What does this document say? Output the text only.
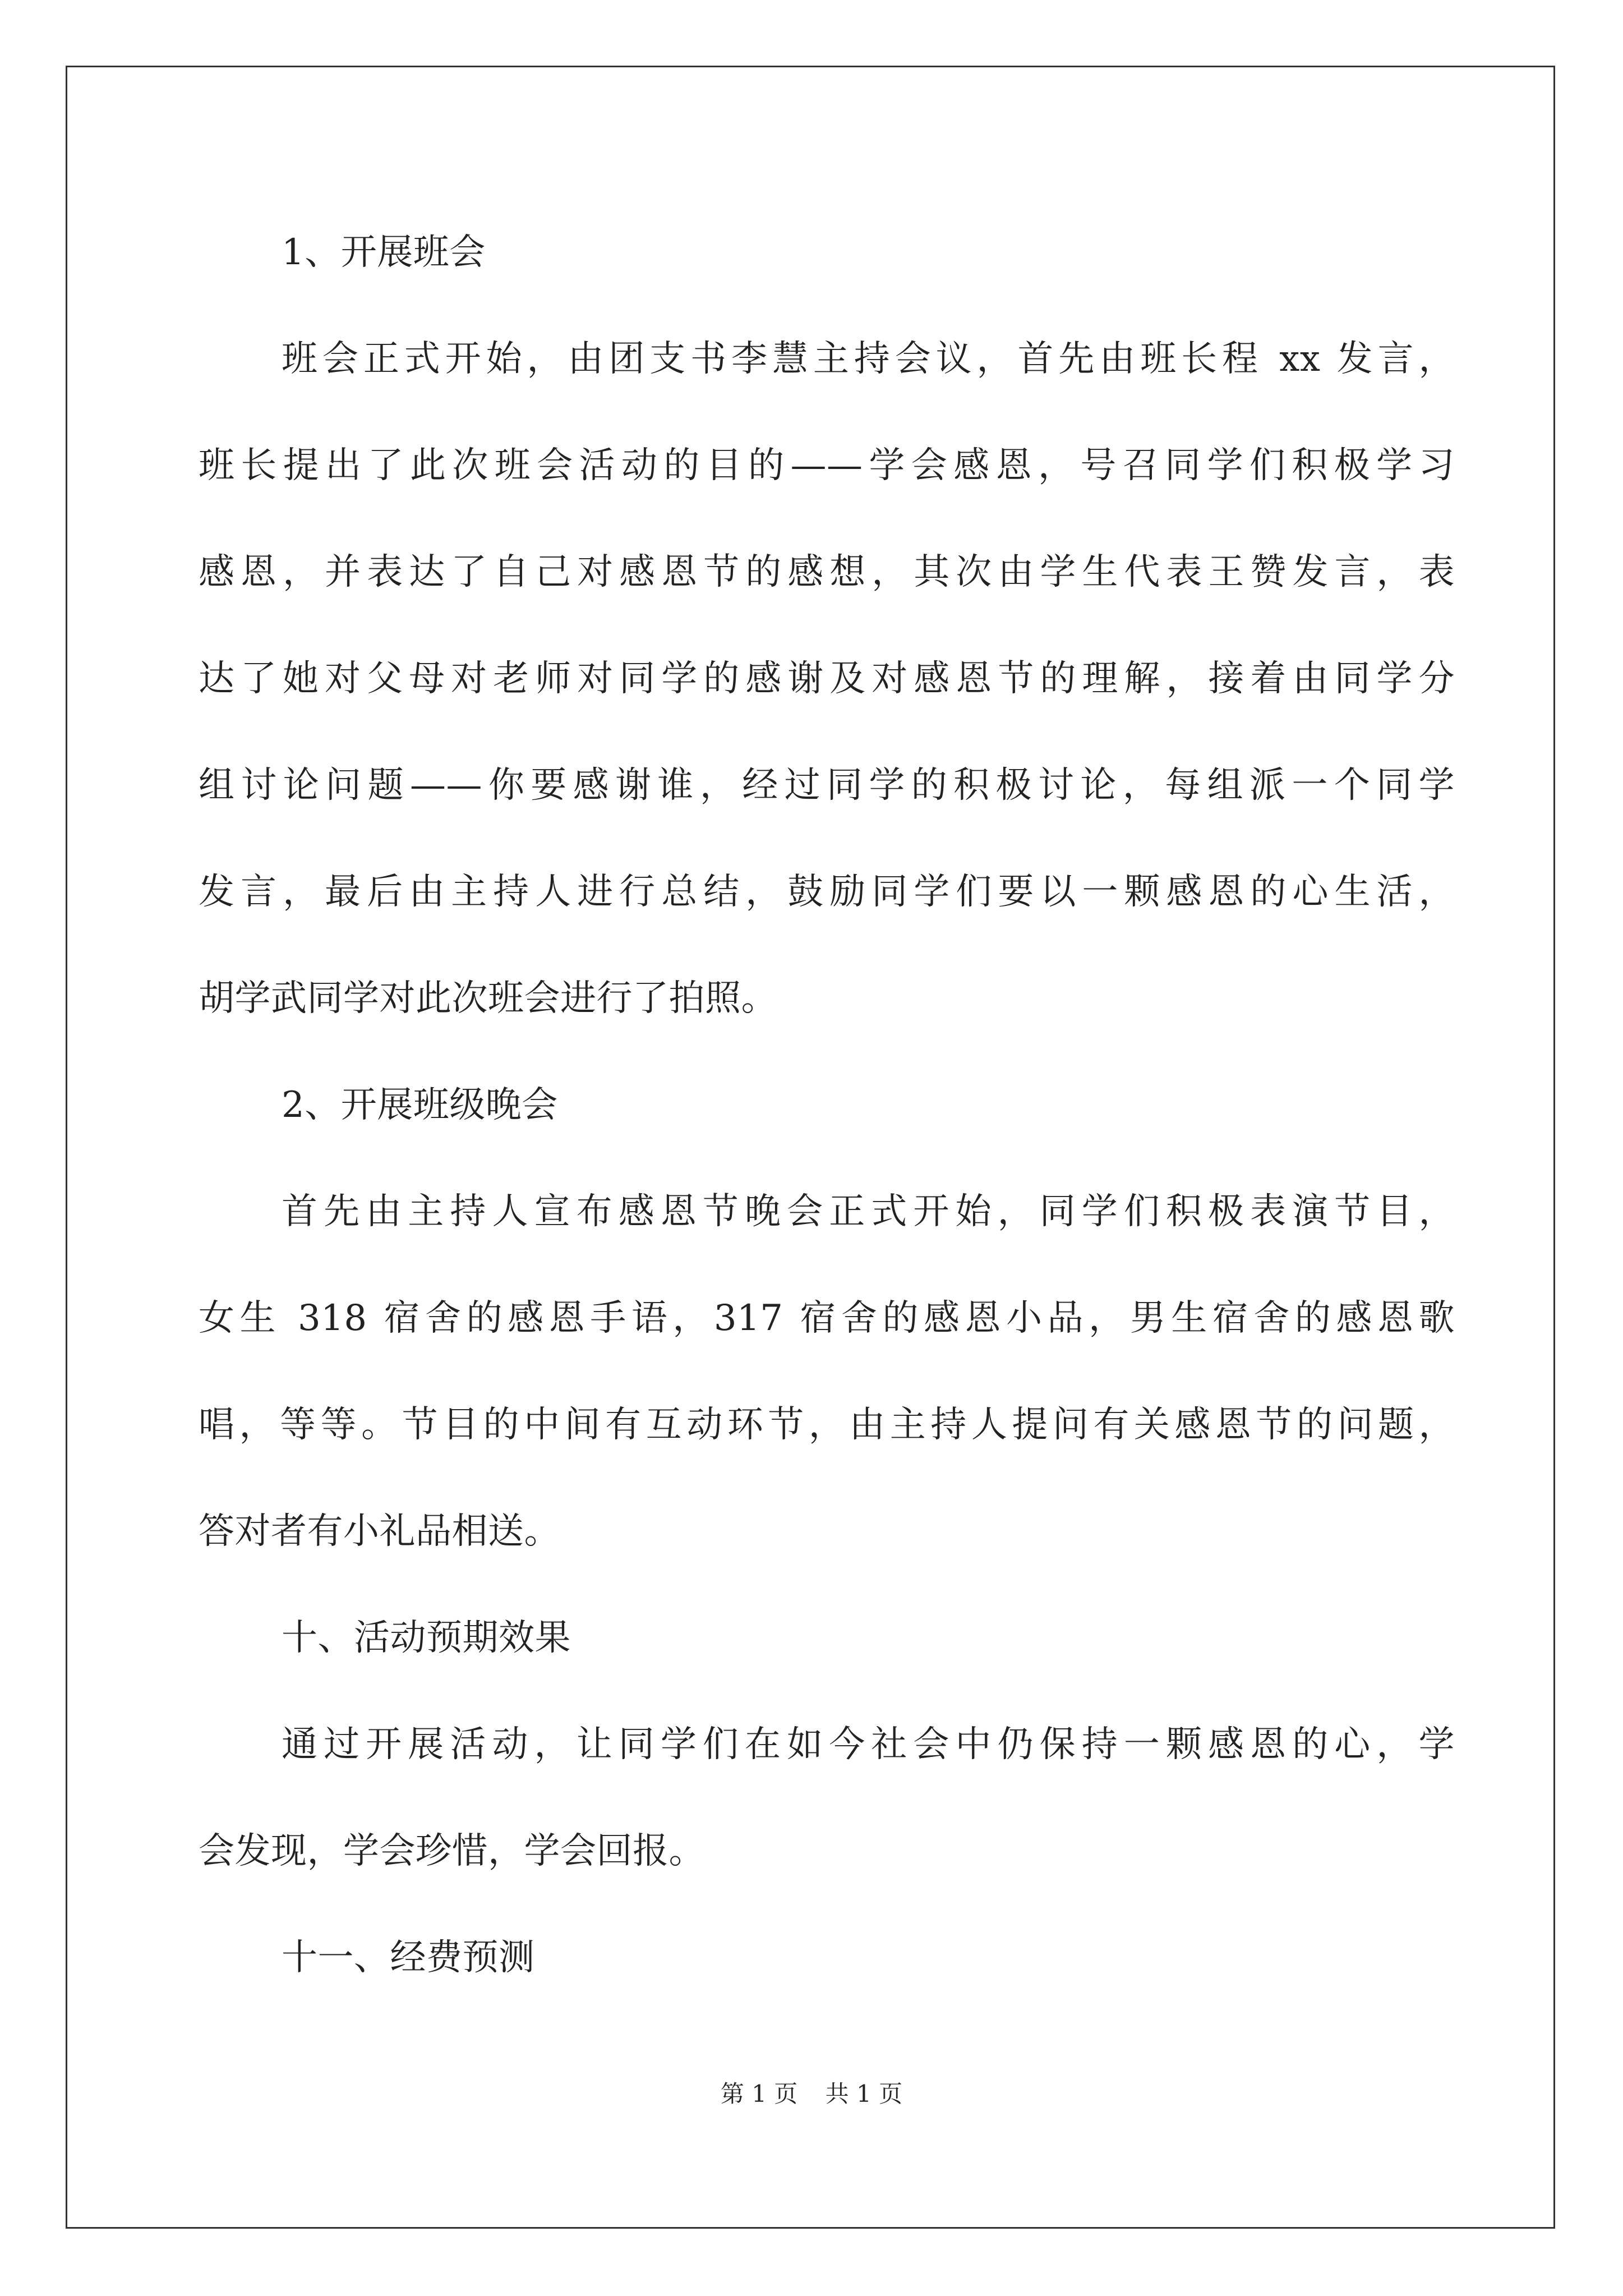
1、开展班会
班会正式开始，由团支书李慧主持会议，首先由班长程 xx 发言，
班长提出了此次班会活动的目的——学会感恩，号召同学们积极学习
感恩，并表达了自己对感恩节的感想，其次由学生代表王赞发言，表
达了她对父母对老师对同学的感谢及对感恩节的理解，接着由同学分
组讨论问题——你要感谢谁，经过同学的积极讨论，每组派一个同学
发言，最后由主持人进行总结，鼓励同学们要以一颗感恩的心生活，
胡学武同学对此次班会进行了拍照。
2、开展班级晚会
首先由主持人宣布感恩节晚会正式开始，同学们积极表演节目，
女生 318 宿舍的感恩手语，317 宿舍的感恩小品，男生宿舍的感恩歌
唱，等等。节目的中间有互动环节，由主持人提问有关感恩节的问题，
答对者有小礼品相送。
十、活动预期效果
通过开展活动，让同学们在如今社会中仍保持一颗感恩的心，学
会发现，学会珍惜，学会回报。
十一、经费预测
第 1 页 共 1 页
